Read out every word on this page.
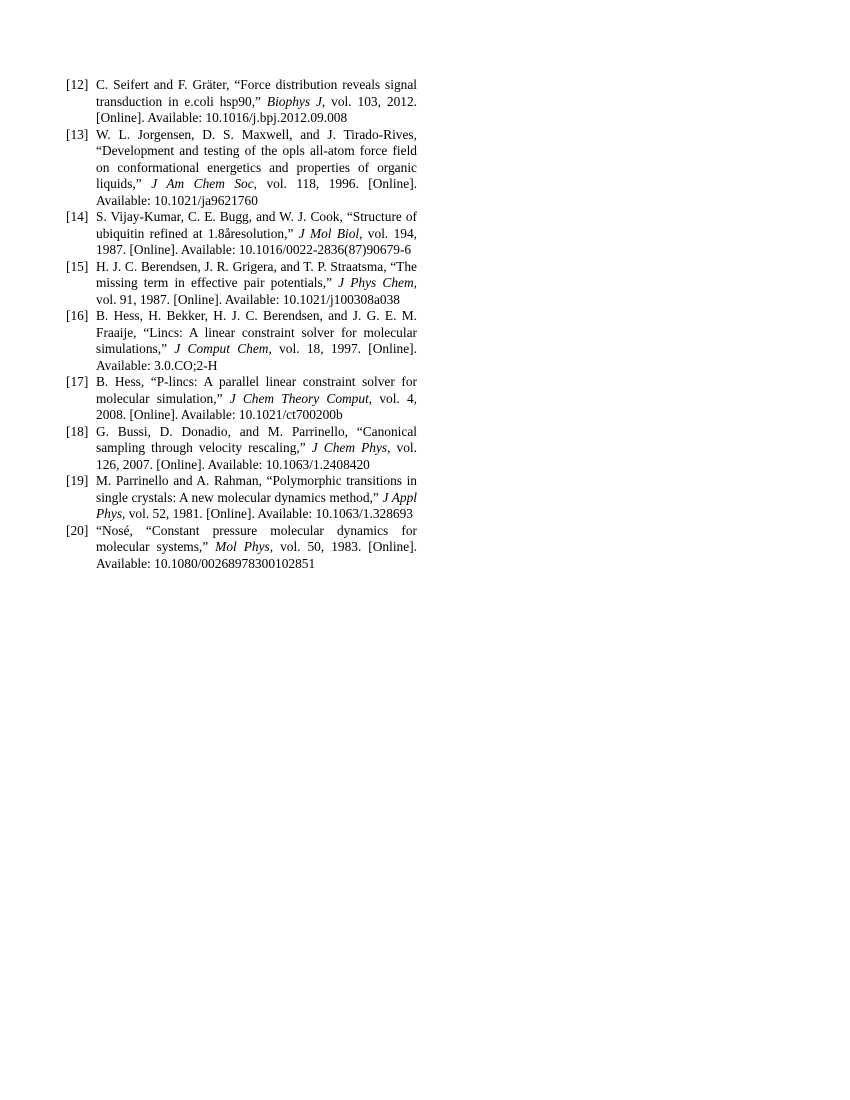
[12] C. Seifert and F. Gräter, “Force distribution reveals signal transduction in e.coli hsp90,” Biophys J, vol. 103, 2012. [Online]. Available: 10.1016/j.bpj.2012.09.008
[13] W. L. Jorgensen, D. S. Maxwell, and J. Tirado-Rives, “Development and testing of the opls all-atom force field on conformational energetics and properties of organic liquids,” J Am Chem Soc, vol. 118, 1996. [Online]. Available: 10.1021/ja9621760
[14] S. Vijay-Kumar, C. E. Bugg, and W. J. Cook, “Structure of ubiquitin refined at 1.8åresolution,” J Mol Biol, vol. 194, 1987. [Online]. Available: 10.1016/0022-2836(87)90679-6
[15] H. J. C. Berendsen, J. R. Grigera, and T. P. Straatsma, “The missing term in effective pair potentials,” J Phys Chem, vol. 91, 1987. [Online]. Available: 10.1021/j100308a038
[16] B. Hess, H. Bekker, H. J. C. Berendsen, and J. G. E. M. Fraaije, “Lincs: A linear constraint solver for molecular simulations,” J Comput Chem, vol. 18, 1997. [Online]. Available: 3.0.CO;2-H
[17] B. Hess, “P-lincs: A parallel linear constraint solver for molecular simulation,” J Chem Theory Comput, vol. 4, 2008. [Online]. Available: 10.1021/ct700200b
[18] G. Bussi, D. Donadio, and M. Parrinello, “Canonical sampling through velocity rescaling,” J Chem Phys, vol. 126, 2007. [Online]. Available: 10.1063/1.2408420
[19] M. Parrinello and A. Rahman, “Polymorphic transitions in single crystals: A new molecular dynamics method,” J Appl Phys, vol. 52, 1981. [Online]. Available: 10.1063/1.328693
[20] “Nosé, “Constant pressure molecular dynamics for molecular systems,” Mol Phys, vol. 50, 1983. [Online]. Available: 10.1080/00268978300102851
